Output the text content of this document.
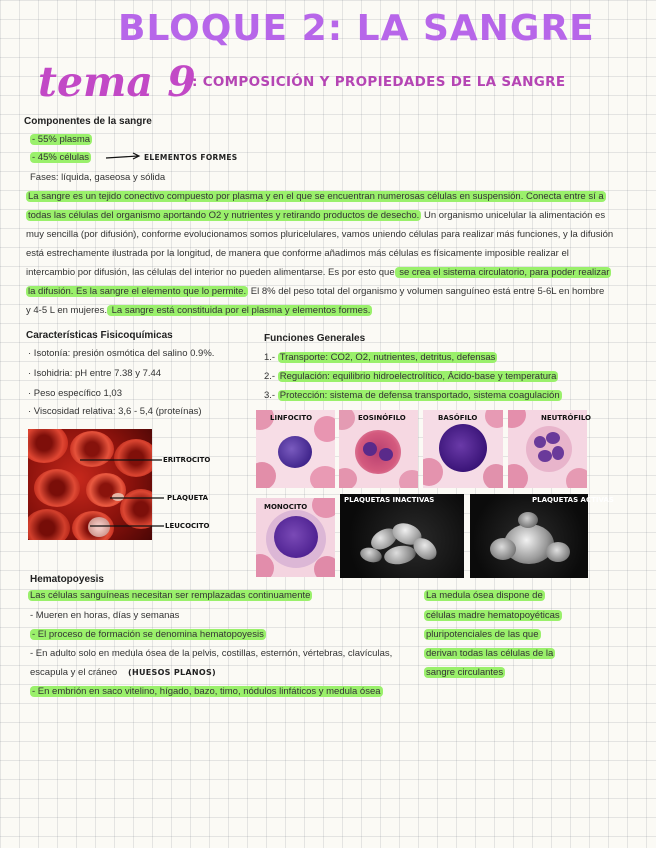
BLOQUE 2: LA SANGRE
tema 9
: COMPOSICIÓN Y PROPIEDADES DE LA SANGRE
Componentes de la sangre
- 55% plasma
- 45% células	ELEMENTOS FORMES
Fases: líquida, gaseosa y sólida
La sangre es un tejido conectivo compuesto por plasma y en el que se encuentran numerosas células en suspensión. Conecta entre sí a
todas las células del organismo aportando O2 y nutrientes y retirando productos de desecho. Un organismo unicelular la alimentación es
muy sencilla (por difusión), conforme evolucionamos somos pluricelulares, vamos uniendo células para realizar más funciones, y la difusión
está estrechamente ilustrada por la longitud, de manera que conforme añadimos más células es físicamente imposible realizar el
intercambio por difusión, las células del interior no pueden alimentarse. Es por esto que se crea el sistema circulatorio, para poder realizar
la difusión. Es la sangre el elemento que lo permite. El 8% del peso total del organismo y volumen sanguíneo está entre 5-6L en hombre
y 4-5 L en mujeres. La sangre está constituida por el plasma y elementos formes.
Características Fisicoquímicas
· Isotonía: presión osmótica del salino 0.9%.
· Isohidria: pH entre 7.38 y 7.44
· Peso específico 1,03
· Viscosidad relativa: 3,6 - 5,4 (proteínas)
Funciones Generales
1.- Transporte: CO2, O2, nutrientes, detritus, defensas
2.- Regulación: equilibrio hidroelectrolítico, Ácido-base y temperatura
3.- Protección: sistema de defensa transportado, sistema coagulación
ERITROCITO
PLAQUETA
LEUCOCITO
LINFOCITO	EOSINÓFILO	BASÓFILO	NEUTRÓFILO
MONOCITO
PLAQUETAS INACTIVAS	PLAQUETAS ACTIVAS
Hematopoyesis
Las células sanguíneas necesitan ser remplazadas continuamente
- Mueren en horas, días y semanas
- El proceso de formación se denomina hematopoyesis
- En adulto solo en medula ósea de la pelvis, costillas, esternón, vértebras, clavículas,
escapula y el cráneo (HUESOS PLANOS)
- En embrión en saco vitelino, hígado, bazo, timo, nódulos linfáticos y medula ósea
La medula ósea dispone de
células madre hematopoyéticas
pluripotenciales de las que
derivan todas las células de la
sangre circulantes
